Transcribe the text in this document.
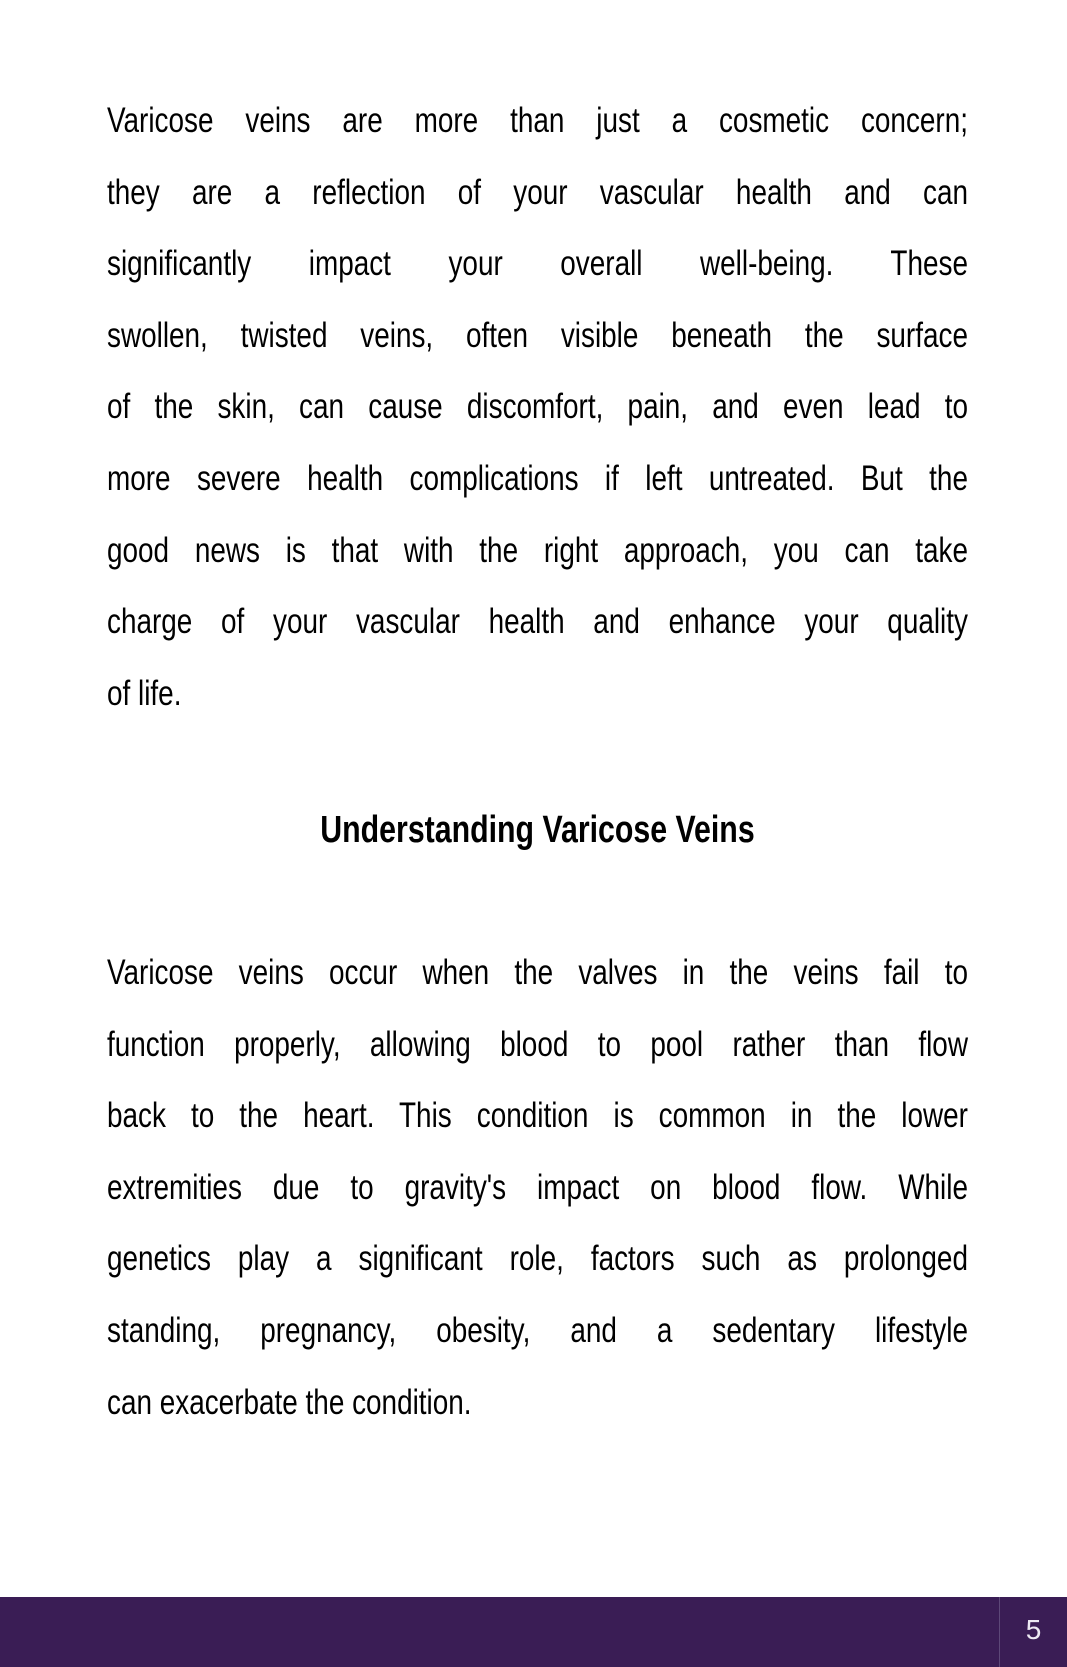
Varicose veins are more than just a cosmetic concern;
they are a reflection of your vascular health and can
significantly impact your overall well-being. These
swollen, twisted veins, often visible beneath the surface
of the skin, can cause discomfort, pain, and even lead to
more severe health complications if left untreated. But the
good news is that with the right approach, you can take
charge of your vascular health and enhance your quality
of life.
Understanding Varicose Veins
Varicose veins occur when the valves in the veins fail to
function properly, allowing blood to pool rather than flow
back to the heart. This condition is common in the lower
extremities due to gravity's impact on blood flow. While
genetics play a significant role, factors such as prolonged
standing, pregnancy, obesity, and a sedentary lifestyle
can exacerbate the condition.
5
